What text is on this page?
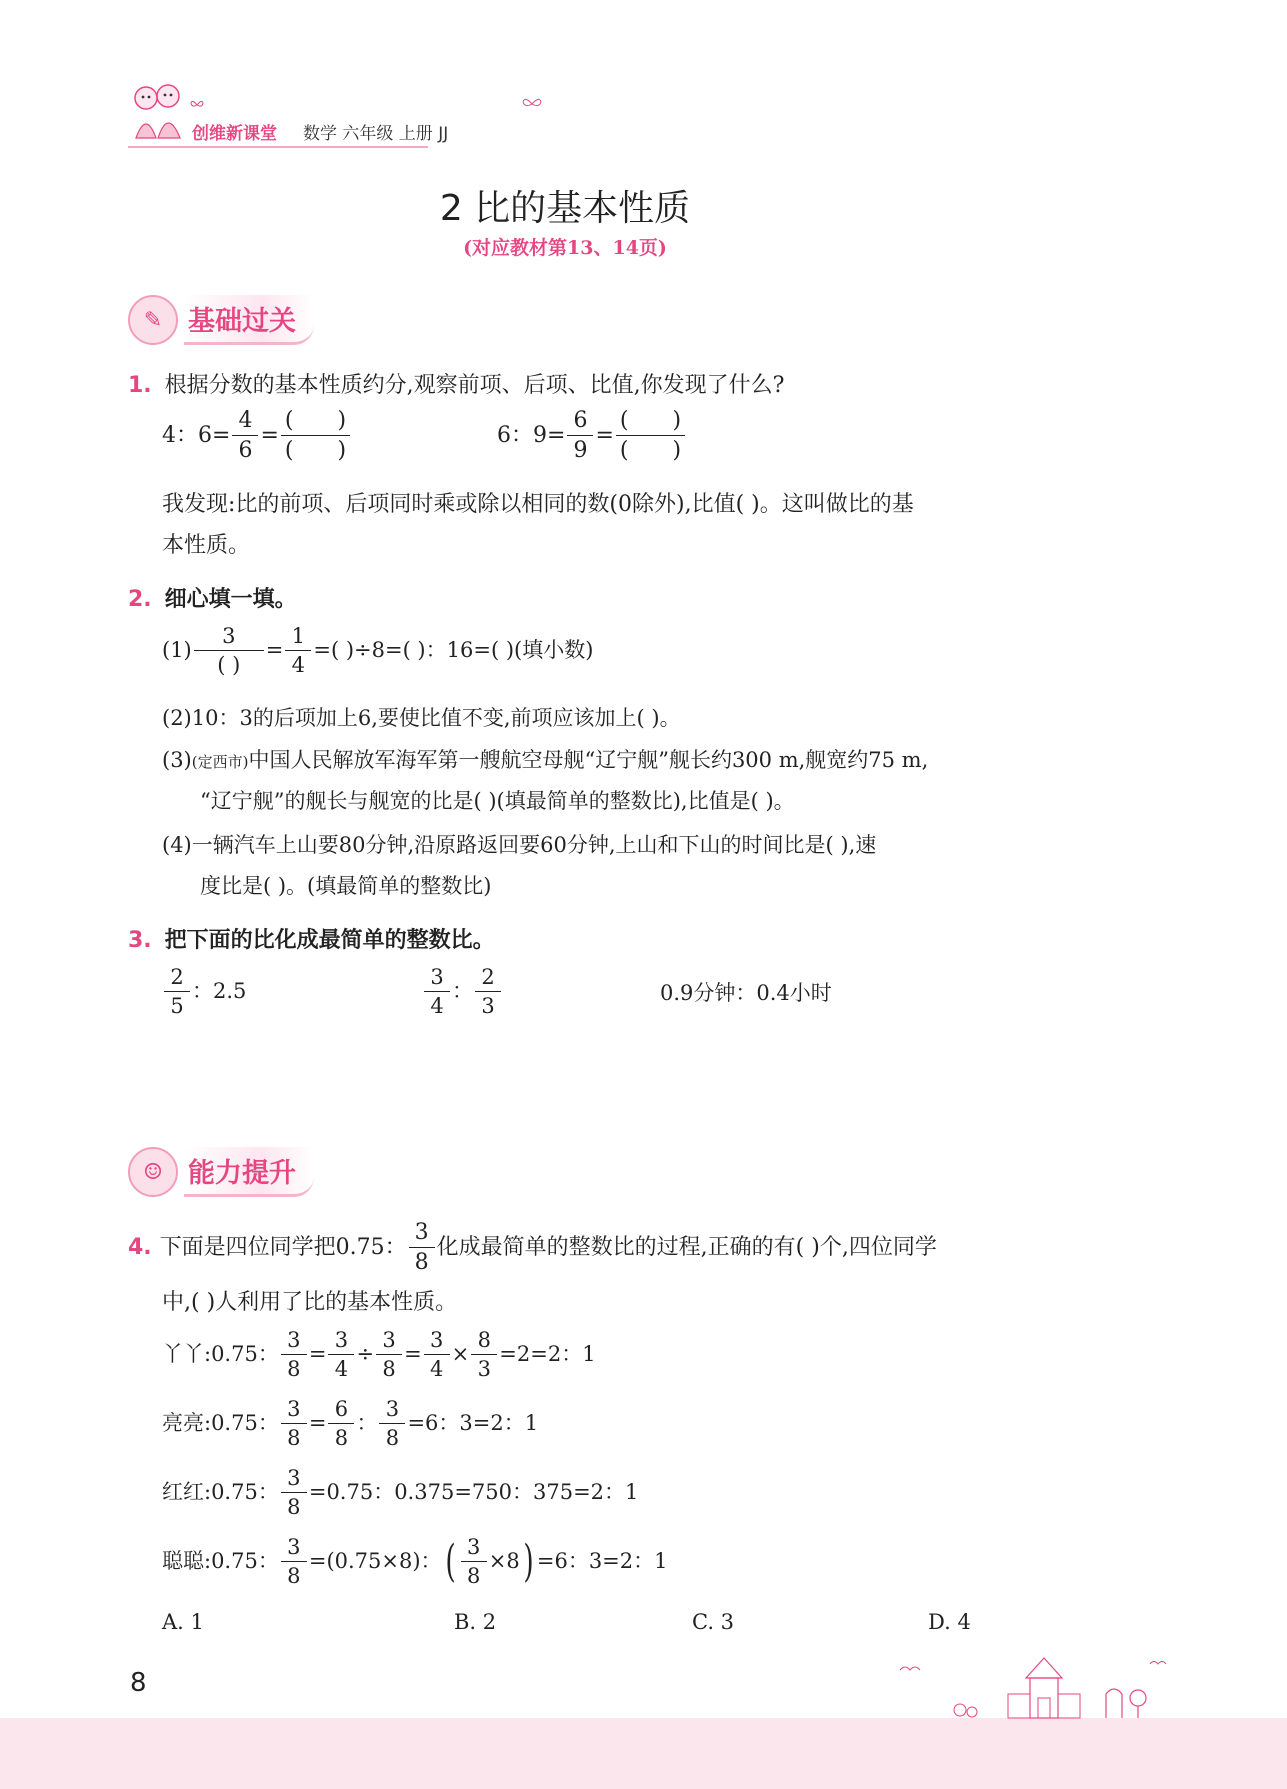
创维新课堂 数学 六年级 上册 JJ
2 比的基本性质
(对应教材第13、14页)
✎ 基础过关
1. 根据分数的基本性质约分,观察前项、后项、比值,你发现了什么?
4：$6= \frac{4}{6} = \frac{( )}{( )}$	6：$9= \frac{6}{9} = \frac{( )}{( )}$
我发现:比的前项、后项同时乘或除以相同的数(0除外),比值( )。这叫做比的基
本性质。
2. 细心填一填。
$(1) \frac{3}{( )} = \frac{1}{4}$ =( )÷8=( )：16=( )(填小数)
(2)10：3的后项加上6,要使比值不变,前项应该加上( )。
(3)(定西市)中国人民解放军海军第一艘航空母舰“辽宁舰”舰长约300 m,舰宽约75 m,
“辽宁舰”的舰长与舰宽的比是( )(填最简单的整数比),比值是( )。
(4)一辆汽车上山要80分钟,沿原路返回要60分钟,上山和下山的时间比是( ),速
度比是( )。(填最简单的整数比)
3. 把下面的比化成最简单的整数比。
$\frac{2}{5}$ ：2.5	$\frac{3}{4}$ ： $\frac{2}{3}$	0.9分钟：0.4小时
☺ 能力提升
4. 下面是四位同学把0.75： $\frac{3}{8}$ 化成最简单的整数比的过程,正确的有( )个,四位同学
中,( )人利用了比的基本性质。
丫丫:0.75： $\frac{3}{8} = \frac{3}{4} \div \frac{3}{8} = \frac{3}{4} \times \frac{8}{3} =2=2$：1
亮亮:0.75： $\frac{3}{8} = \frac{6}{8}$ ： $\frac{3}{8} =6$：3=2：1
红红:0.75： $\frac{3}{8} =0.75$：0.375=750：375=2：1
聪聪:0.75： $\frac{3}{8} =(0.75\times 8)$： ( $\frac{3}{8} \times 8$ ) =6：3=2：1
A. 1	B. 2	C. 3	D. 4
8
